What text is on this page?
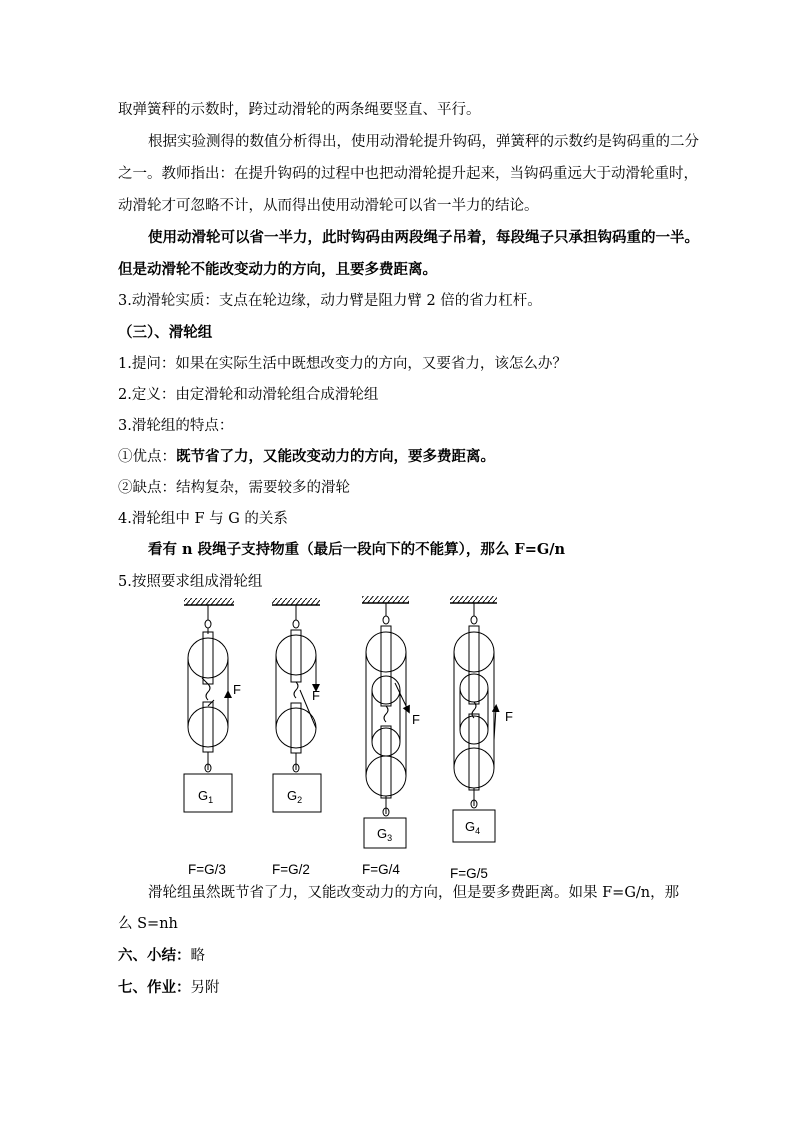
取弹簧秤的示数时，跨过动滑轮的两条绳要竖直、平行。
根据实验测得的数值分析得出，使用动滑轮提升钩码，弹簧秤的示数约是钩码重的二分
之一。教师指出：在提升钩码的过程中也把动滑轮提升起来，当钩码重远大于动滑轮重时，
动滑轮才可忽略不计，从而得出使用动滑轮可以省一半力的结论。
使用动滑轮可以省一半力，此时钩码由两段绳子吊着，每段绳子只承担钩码重的一半。
但是动滑轮不能改变动力的方向，且要多费距离。
3.动滑轮实质：支点在轮边缘，动力臂是阻力臂 2 倍的省力杠杆。
（三）、滑轮组
1.提问：如果在实际生活中既想改变力的方向，又要省力，该怎么办？
2.定义：由定滑轮和动滑轮组合成滑轮组
3.滑轮组的特点：
①优点：既节省了力，又能改变动力的方向，要多费距离。
②缺点：结构复杂，需要较多的滑轮
4.滑轮组中 F 与 G 的关系
看有 n 段绳子支持物重（最后一段向下的不能算），那么 F=G/n
5.按照要求组成滑轮组
F
$G_1$
F
$G_2$
F
$G_3$
F
$G_4$
F=G/3	F=G/2	F=G/4	F=G/5
滑轮组虽然既节省了力，又能改变动力的方向，但是要多费距离。如果 F=G/n，那
么 S=nh
六、小结：略
七、作业：另附
